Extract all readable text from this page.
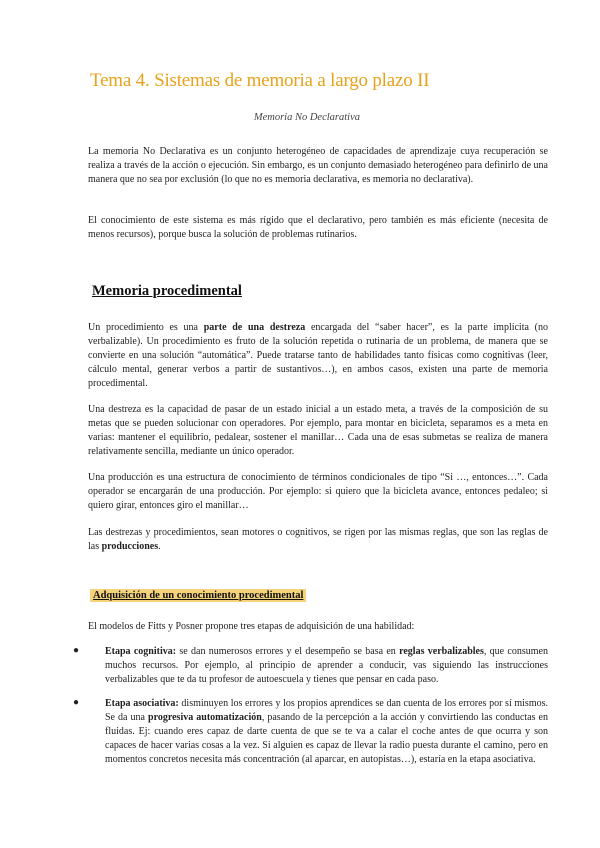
Tema 4. Sistemas de memoria a largo plazo II
Memoria No Declarativa

La memoria No Declarativa es un conjunto heterogéneo de capacidades de aprendizaje cuya recuperación se realiza a través de la acción o ejecución. Sin embargo, es un conjunto demasiado heterogéneo para definirlo de una manera que no sea por exclusión (lo que no es memoria declarativa, es memoria no declarativa).

El conocimiento de este sistema es más rígido que el declarativo, pero también es más eficiente (necesita de menos recursos), porque busca la solución de problemas rutinarios.

Memoria procedimental

Un procedimiento es una parte de una destreza encargada del “saber hacer”, es la parte implícita (no verbalizable). Un procedimiento es fruto de la solución repetida o rutinaria de un problema, de manera que se convierte en una solución “automática”. Puede tratarse tanto de habilidades tanto físicas como cognitivas (leer, cálculo mental, generar verbos a partir de sustantivos…), en ambos casos, existen una parte de memoria procedimental.

Una destreza es la capacidad de pasar de un estado inicial a un estado meta, a través de la composición de su metas que se pueden solucionar con operadores. Por ejemplo, para montar en bicicleta, separamos es a meta en varias: mantener el equilibrio, pedalear, sostener el manillar… Cada una de esas submetas se realiza de manera relativamente sencilla, mediante un único operador.

Una producción es una estructura de conocimiento de términos condicionales de tipo “Si …, entonces…”. Cada operador se encargarán de una producción. Por ejemplo: si quiero que la bicicleta avance, entonces pedaleo; si quiero girar, entonces giro el manillar…

Las destrezas y procedimientos, sean motores o cognitivos, se rigen por las mismas reglas, que son las reglas de las producciones.

Adquisición de un conocimiento procedimental

El modelos de Fitts y Posner propone tres etapas de adquisición de una habilidad:

●	Etapa cognitiva: se dan numerosos errores y el desempeño se basa en reglas verbalizables, que consumen muchos recursos. Por ejemplo, al principio de aprender a conducir, vas siguiendo las instrucciones verbalizables que te da tu profesor de autoescuela y tienes que pensar en cada paso.

●	Etapa asociativa: disminuyen los errores y los propios aprendices se dan cuenta de los errores por sí mismos. Se da una progresiva automatización, pasando de la percepción a la acción y convirtiendo las conductas en fluidas. Ej: cuando eres capaz de darte cuenta de que se te va a calar el coche antes de que ocurra y son capaces de hacer varias cosas a la vez. Si alguien es capaz de llevar la radio puesta durante el camino, pero en momentos concretos necesita más concentración (al aparcar, en autopistas…), estaría en la etapa asociativa.
